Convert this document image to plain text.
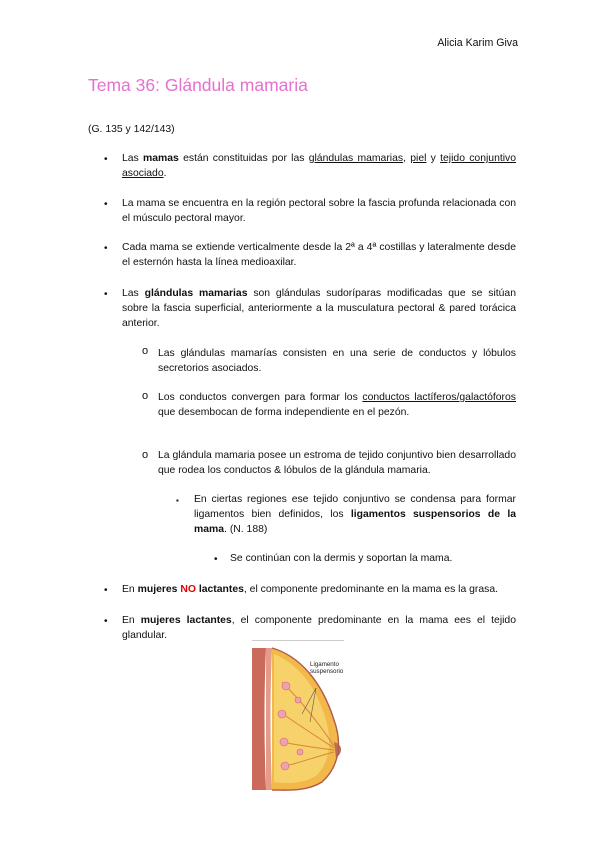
Alicia Karim Giva
Tema 36: Glándula mamaria
(G. 135 y 142/143)
• Las mamas están constituidas por las glándulas mamarias, piel y tejido conjuntivo asociado.
• La mama se encuentra en la región pectoral sobre la fascia profunda relacionada con el músculo pectoral mayor.
• Cada mama se extiende verticalmente desde la 2ª a 4ª costillas y lateralmente desde el esternón hasta la línea medioaxilar.
• Las glándulas mamarias son glándulas sudoríparas modificadas que se sitúan sobre la fascia superficial, anteriormente a la musculatura pectoral & pared torácica anterior.
o Las glándulas mamarías consisten en una serie de conductos y lóbulos secretorios asociados.
o Los conductos convergen para formar los conductos lactíferos/galactóforos que desembocan de forma independiente en el pezón.
o La glándula mamaria posee un estroma de tejido conjuntivo bien desarrollado que rodea los conductos & lóbulos de la glándula mamaria.
▪ En ciertas regiones ese tejido conjuntivo se condensa para formar ligamentos bien definidos, los ligamentos suspensorios de la mama. (N. 188)
• Se continúan con la dermis y soportan la mama.
• En mujeres NO lactantes, el componente predominante en la mama es la grasa.
• En mujeres lactantes, el componente predominante en la mama ees el tejido glandular.
Ligamento
suspensorio
